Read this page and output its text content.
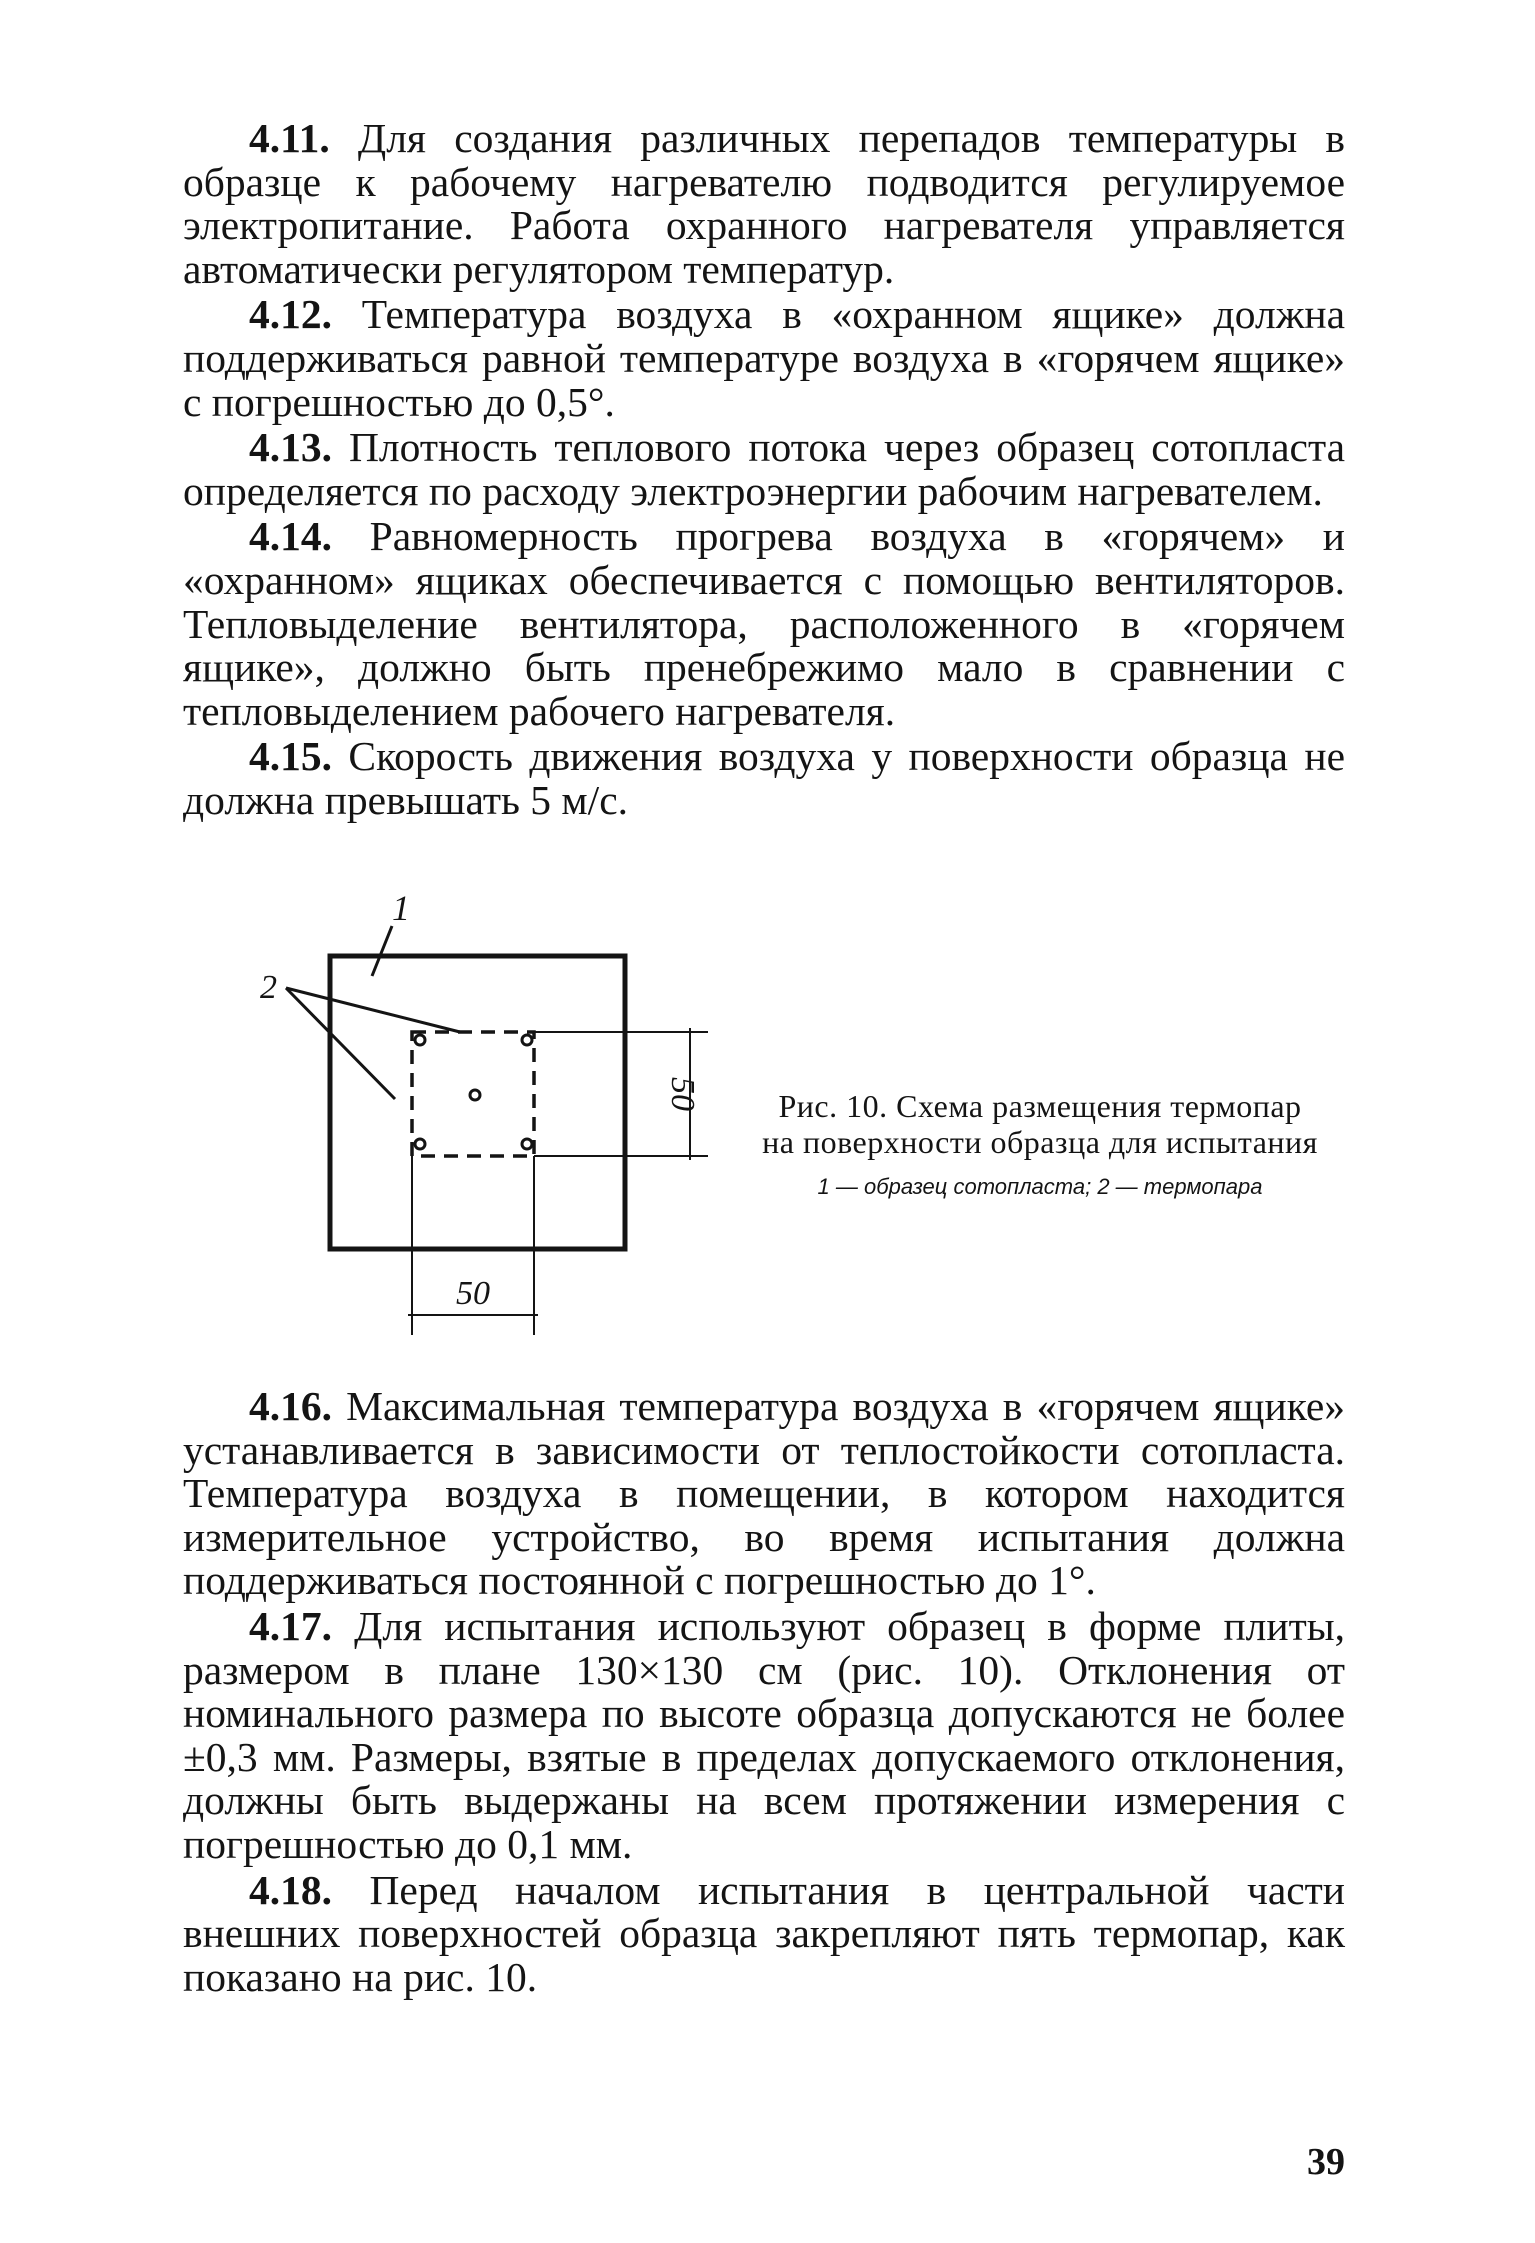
4.11. Для создания различных перепадов температуры в образце к рабочему нагревателю подводится регулируемое электропитание. Работа охранного нагревателя управляется автоматически регулятором температур.

4.12. Температура воздуха в «охранном ящике» должна поддерживаться равной температуре воздуха в «горячем ящике» с погрешностью до 0,5°.

4.13. Плотность теплового потока через образец сотопласта определяется по расходу электроэнергии рабочим нагревателем.

4.14. Равномерность прогрева воздуха в «горячем» и «охранном» ящиках обеспечивается с помощью вентиляторов. Тепловыделение вентилятора, расположенного в «горячем ящике», должно быть пренебрежимо мало в сравнении с тепловыделением рабочего нагревателя.

4.15. Скорость движения воздуха у поверхности образца не должна превышать 5 м/с.

1
2
50
50

Рис. 10. Схема размещения термопар на поверхности образца для испытания

1 — образец сотопласта; 2 — термопара

4.16. Максимальная температура воздуха в «горячем ящике» устанавливается в зависимости от теплостойкости сотопласта. Температура воздуха в помещении, в котором находится измерительное устройство, во время испытания должна поддерживаться постоянной с погрешностью до 1°.

4.17. Для испытания используют образец в форме плиты, размером в плане 130×130 см (рис. 10). Отклонения от номинального размера по высоте образца допускаются не более ±0,3 мм. Размеры, взятые в пределах допускаемого отклонения, должны быть выдержаны на всем протяжении измерения с погрешностью до 0,1 мм.

4.18. Перед началом испытания в центральной части внешних поверхностей образца закрепляют пять термопар, как показано на рис. 10.

39
